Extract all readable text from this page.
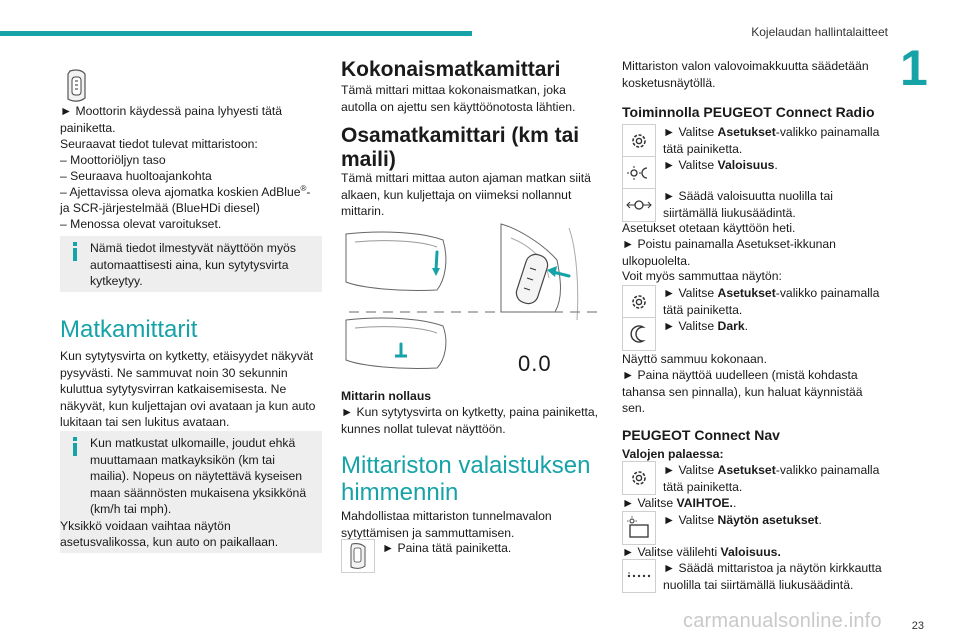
Kojelaudan hallintalaitteet
1
► Moottorin käydessä paina lyhyesti tätä painiketta.
Seuraavat tiedot tulevat mittaristoon:
– Moottoriöljyn taso
– Seuraava huoltoajankohta
– Ajettavissa oleva ajomatka koskien AdBlue®-
ja SCR-järjestelmää (BlueHDi diesel)
– Menossa olevat varoitukset.
Nämä tiedot ilmestyvät näyttöön myös automaattisesti aina, kun sytytysvirta kytkeytyy.
Matkamittarit
Kun sytytysvirta on kytketty, etäisyydet näkyvät pysyvästi. Ne sammuvat noin 30 sekunnin kuluttua sytytysvirran katkaisemisesta. Ne näkyvät, kun kuljettajan ovi avataan ja kun auto lukitaan tai sen lukitus avataan.
Kun matkustat ulkomaille, joudut ehkä muuttamaan matkayksikön (km tai mailia). Nopeus on näytettävä kyseisen maan säännösten mukaisena yksikkönä (km/h tai mph).
Yksikkö voidaan vaihtaa näytön asetusvalikossa, kun auto on paikallaan.
Kokonaismatkamittari
Tämä mittari mittaa kokonaismatkan, joka autolla on ajettu sen käyttöönotosta lähtien.
Osamatkamittari (km tai maili)
Tämä mittari mittaa auton ajaman matkan siitä alkaen, kun kuljettaja on viimeksi nollannut mittarin.
0.0
Mittarin nollaus
► Kun sytytysvirta on kytketty, paina painiketta, kunnes nollat tulevat näyttöön.
Mittariston valaistuksen himmennin
Mahdollistaa mittariston tunnelmavalon sytyttämisen ja sammuttamisen.
► Paina tätä painiketta.
Mittariston valon valovoimakkuutta säädetään kosketusnäytöllä.
Toiminnolla PEUGEOT Connect Radio
► Valitse Asetukset-valikko painamalla tätä painiketta.
► Valitse Valoisuus.
► Säädä valoisuutta nuolilla tai siirtämällä liukusäädintä.
Asetukset otetaan käyttöön heti.
► Poistu painamalla Asetukset-ikkunan ulkopuolelta.
Voit myös sammuttaa näytön:
► Valitse Asetukset-valikko painamalla tätä painiketta.
► Valitse Dark.
Näyttö sammuu kokonaan.
► Paina näyttöä uudelleen (mistä kohdasta tahansa sen pinnalla), kun haluat käynnistää sen.
PEUGEOT Connect Nav
Valojen palaessa:
► Valitse Asetukset-valikko painamalla tätä painiketta.
► Valitse VAIHTOE..
► Valitse Näytön asetukset.
► Valitse välilehti Valoisuus.
► Säädä mittaristoa ja näytön kirkkautta nuolilla tai siirtämällä liukusäädintä.
carmanualsonline.info	23
